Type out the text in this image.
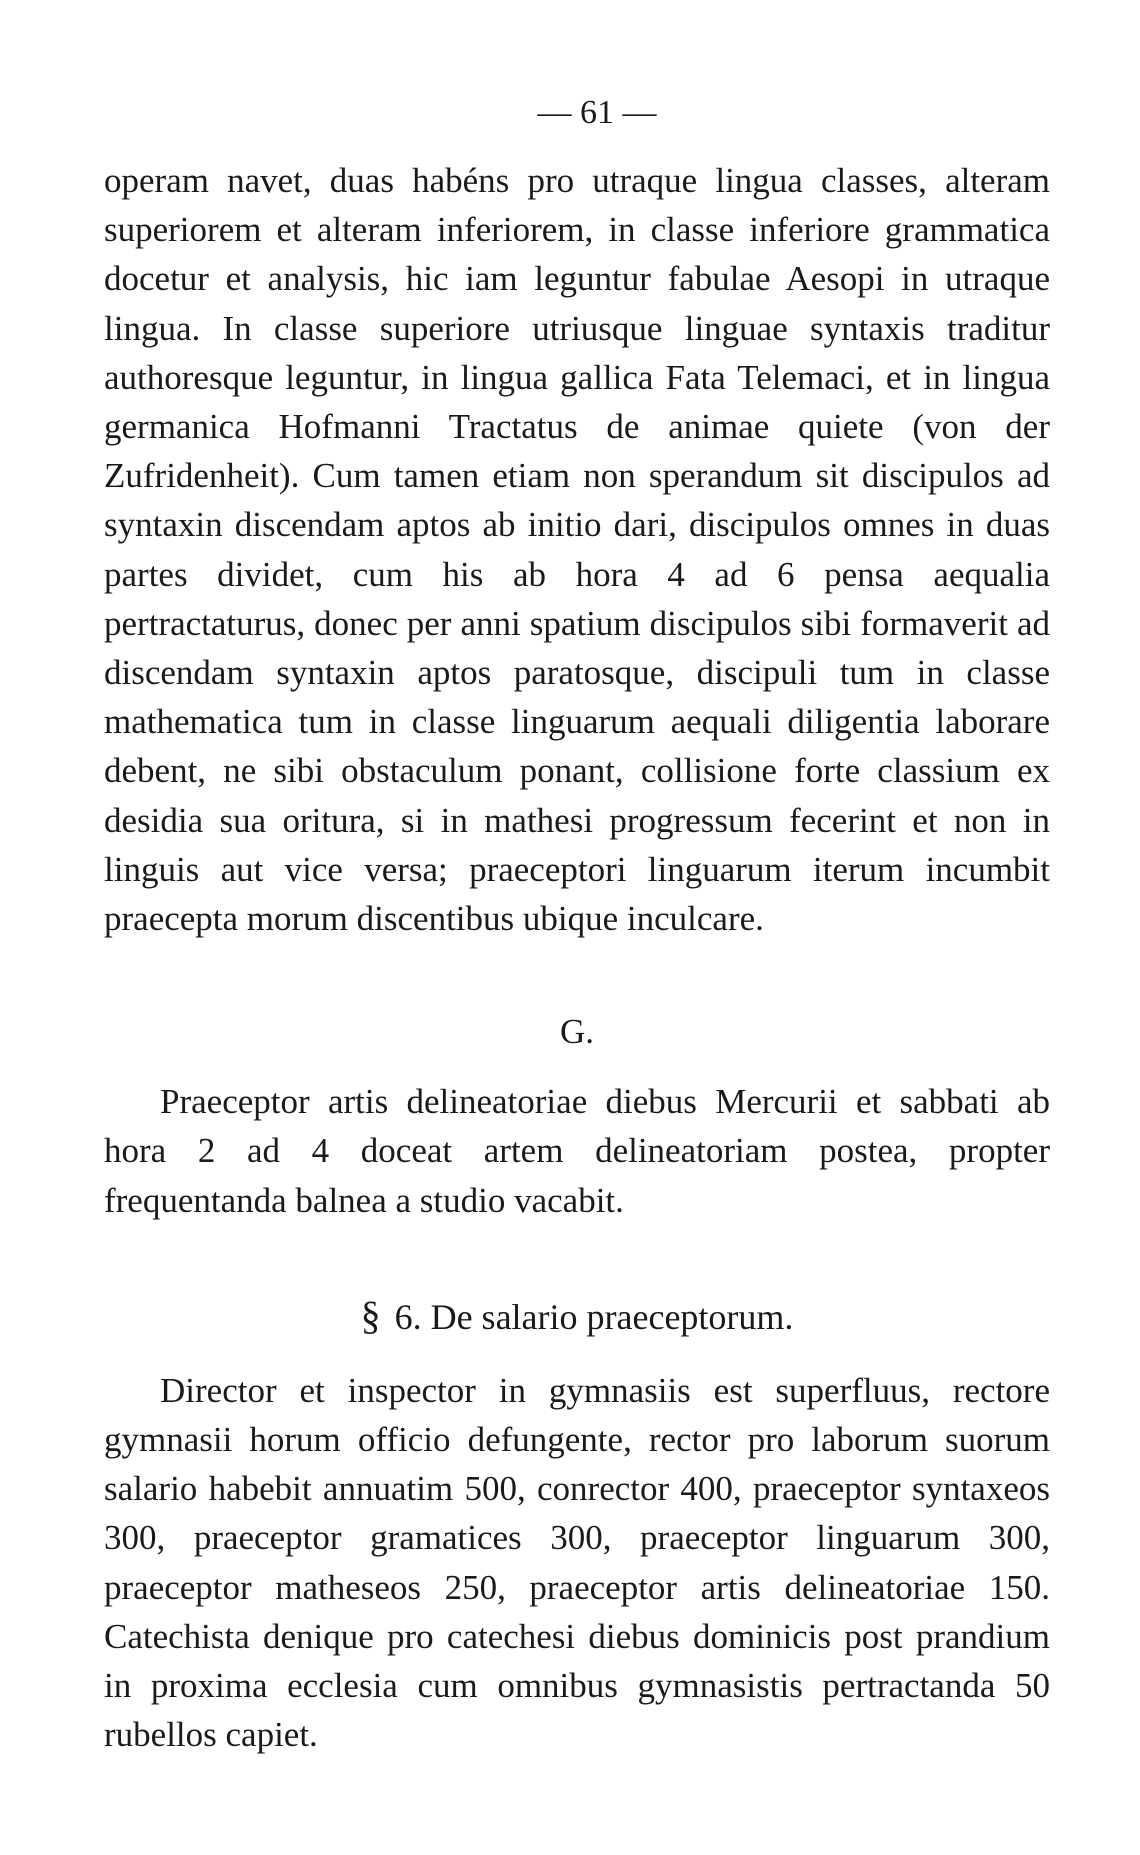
— 61 —

operam navet, duas habéns pro utraque lingua classes, alteram superiorem et alteram inferiorem, in classe inferiore grammatica docetur et analysis, hic iam leguntur fabulae Aesopi in utraque lingua. In classe superiore utriusque linguae syntaxis traditur authoresque leguntur, in lingua gallica Fata Telemaci, et in lingua germanica Hofmanni Tractatus de animae quiete (von der Zufridenheit). Cum tamen etiam non sperandum sit discipulos ad syntaxin discendam aptos ab initio dari, discipulos omnes in duas partes dividet, cum his ab hora 4 ad 6 pensa aequalia pertractaturus, donec per anni spatium discipulos sibi formaverit ad discendam syntaxin aptos paratosque, discipuli tum in classe mathematica tum in classe linguarum aequali diligentia laborare debent, ne sibi obstaculum ponant, collisione forte classium ex desidia sua oritura, si in mathesi progressum fecerint et non in linguis aut vice versa; praeceptori linguarum iterum incumbit praecepta morum discentibus ubique inculcare.

G.

Praeceptor artis delineatoriae diebus Mercurii et sabbati ab hora 2 ad 4 doceat artem delineatoriam postea, propter frequentanda balnea a studio vacabit.

§ 6. De salario praeceptorum.

Director et inspector in gymnasiis est superfluus, rectore gymnasii horum officio defungente, rector pro laborum suorum salario habebit annuatim 500, conrector 400, praeceptor syntaxeos 300, praeceptor gramatices 300, praeceptor linguarum 300, praeceptor matheseos 250, praeceptor artis delineatoriae 150. Catechista denique pro catechesi diebus dominicis post prandium in proxima ecclesia cum omnibus gymnasistis pertractanda 50 rubellos capiet.
